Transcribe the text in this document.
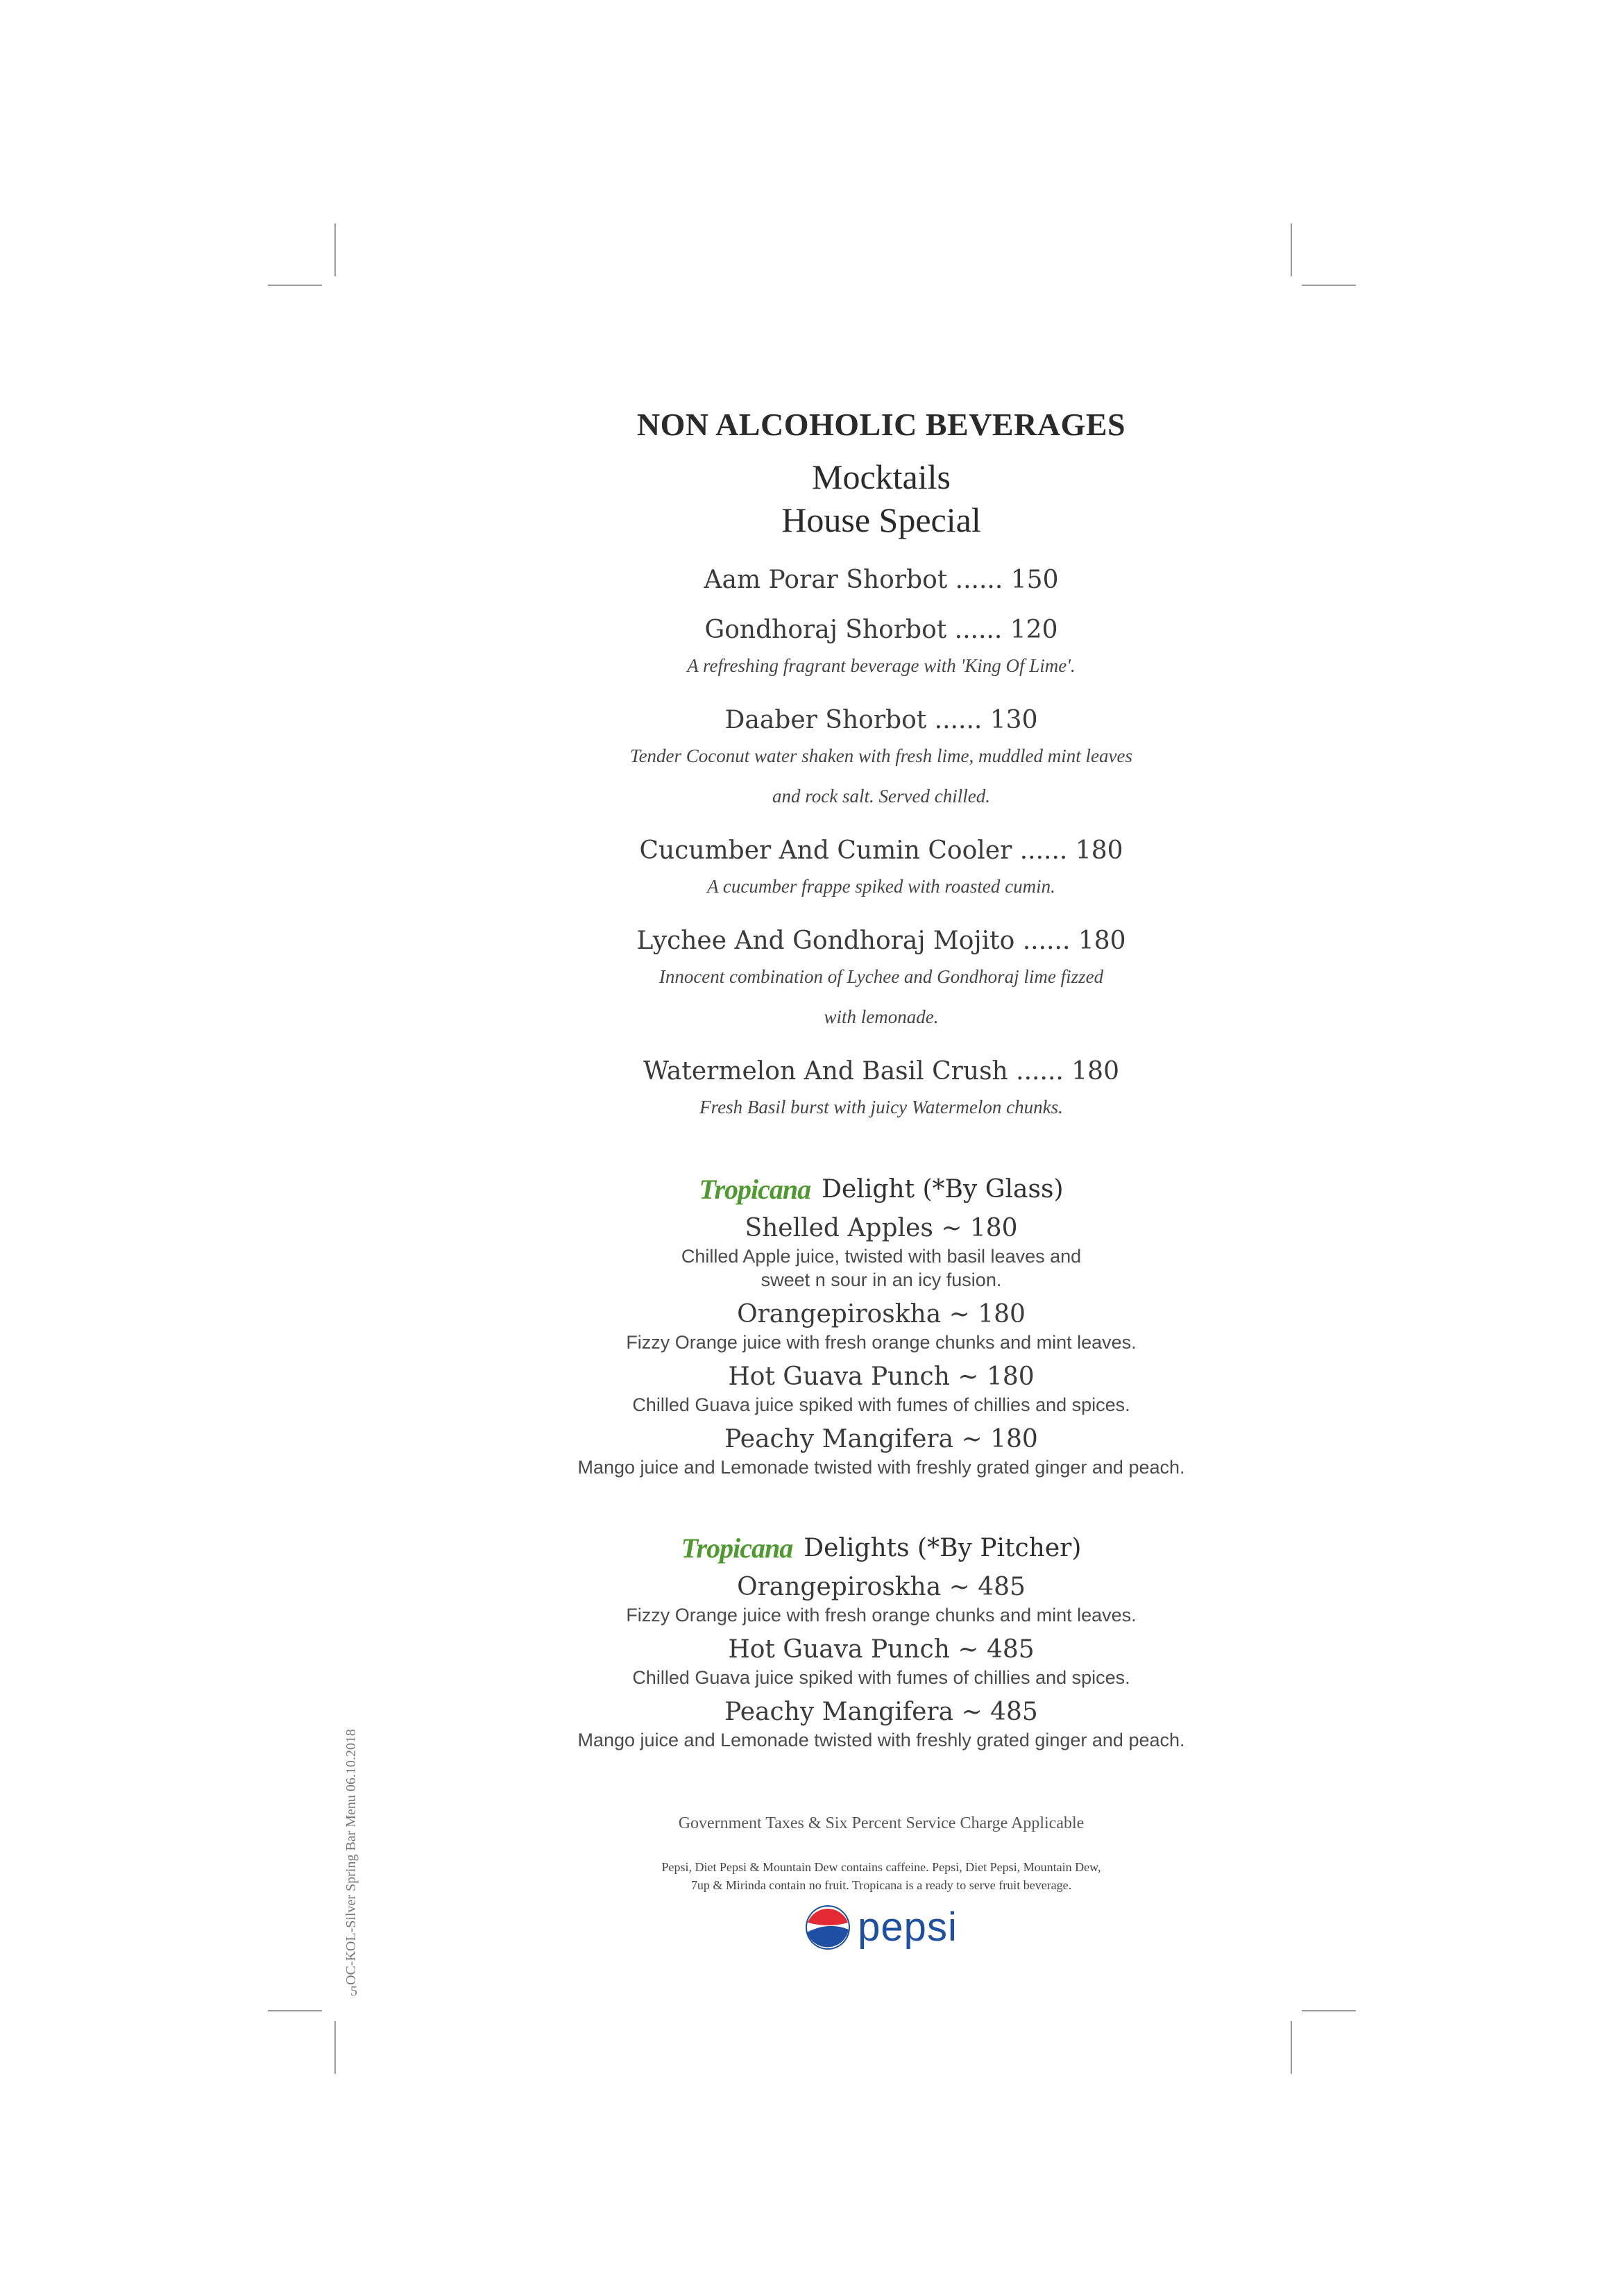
NON ALCOHOLIC BEVERAGES
Mocktails
House Special
Aam Porar Shorbot ...... 150
Gondhoraj Shorbot ...... 120
A refreshing fragrant beverage with 'King Of Lime'.
Daaber Shorbot ...... 130
Tender Coconut water shaken with fresh lime, muddled mint leaves
and rock salt. Served chilled.
Cucumber And Cumin Cooler ...... 180
A cucumber frappe spiked with roasted cumin.
Lychee And Gondhoraj Mojito ...... 180
Innocent combination of Lychee and Gondhoraj lime fizzed
with lemonade.
Watermelon And Basil Crush ...... 180
Fresh Basil burst with juicy Watermelon chunks.
Tropicana Delight (*By Glass)
Shelled Apples ~ 180
Chilled Apple juice, twisted with basil leaves and
sweet n sour in an icy fusion.
Orangepiroskha ~ 180
Fizzy Orange juice with fresh orange chunks and mint leaves.
Hot Guava Punch ~ 180
Chilled Guava juice spiked with fumes of chillies and spices.
Peachy Mangifera ~ 180
Mango juice and Lemonade twisted with freshly grated ginger and peach.
Tropicana Delights (*By Pitcher)
Orangepiroskha ~ 485
Fizzy Orange juice with fresh orange chunks and mint leaves.
Hot Guava Punch ~ 485
Chilled Guava juice spiked with fumes of chillies and spices.
Peachy Mangifera ~ 485
Mango juice and Lemonade twisted with freshly grated ginger and peach.
Government Taxes & Six Percent Service Charge Applicable
Pepsi, Diet Pepsi & Mountain Dew contains caffeine. Pepsi, Diet Pepsi, Mountain Dew,
7up & Mirinda contain no fruit. Tropicana is a ready to serve fruit beverage.
pepsi
OC-KOL-Silver Spring Bar Menu 06.10.2018
5
